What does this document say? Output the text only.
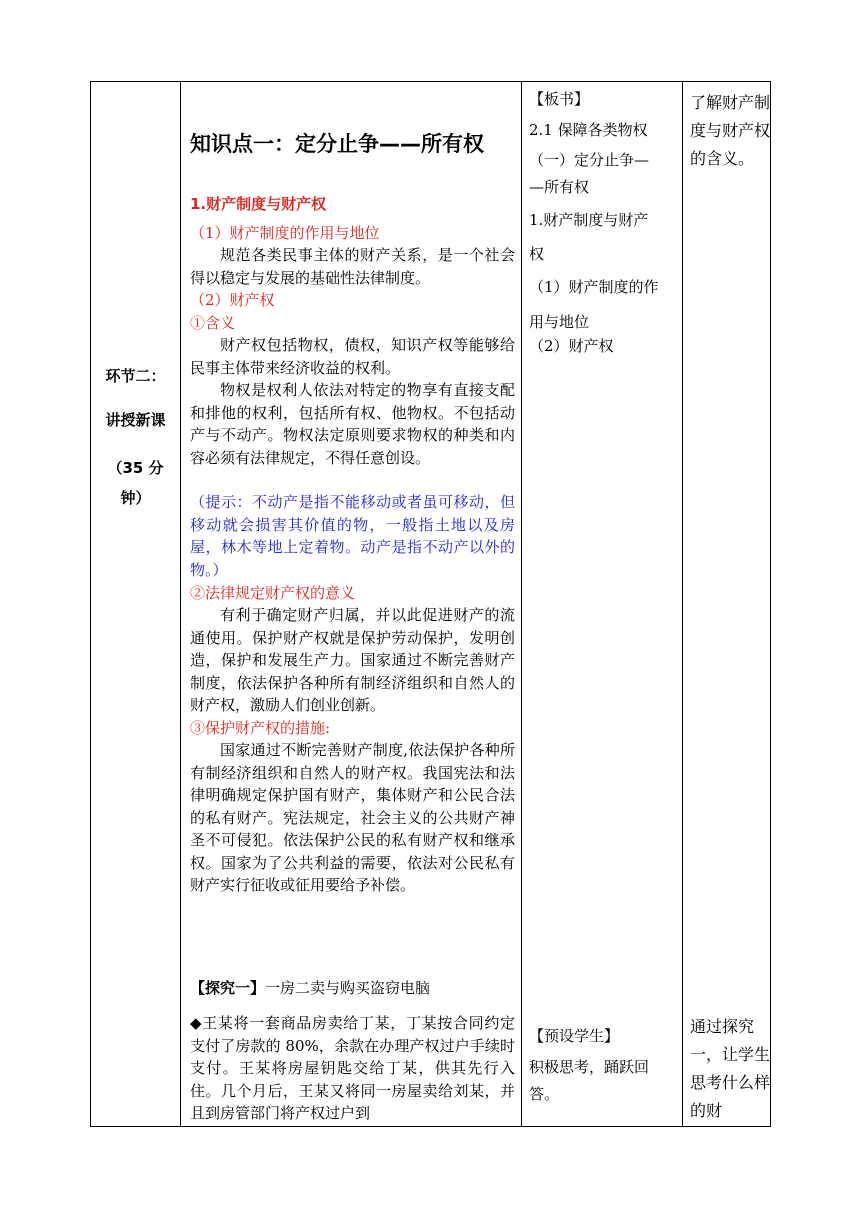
环节二：
讲授新课
（35 分
钟）
知识点一：定分止争——所有权
1.财产制度与财产权
（1）财产制度的作用与地位
规范各类民事主体的财产关系，是一个社会得以稳定与发展的基础性法律制度。
（2）财产权
①含义
财产权包括物权，债权，知识产权等能够给民事主体带来经济收益的权利。
物权是权利人依法对特定的物享有直接支配和排他的权利，包括所有权、他物权。不包括动产与不动产。物权法定原则要求物权的种类和内容必须有法律规定，不得任意创设。
（提示：不动产是指不能移动或者虽可移动，但移动就会损害其价值的物，一般指土地以及房屋，林木等地上定着物。动产是指不动产以外的物。）
②法律规定财产权的意义
有利于确定财产归属，并以此促进财产的流通使用。保护财产权就是保护劳动保护，发明创造，保护和发展生产力。国家通过不断完善财产制度，依法保护各种所有制经济组织和自然人的财产权，激励人们创业创新。
③保护财产权的措施:
国家通过不断完善财产制度,依法保护各种所有制经济组织和自然人的财产权。我国宪法和法律明确规定保护国有财产，集体财产和公民合法的私有财产。宪法规定，社会主义的公共财产神圣不可侵犯。依法保护公民的私有财产权和继承权。国家为了公共利益的需要，依法对公民私有财产实行征收或征用要给予补偿。
【探究一】一房二卖与购买盗窃电脑
◆王某将一套商品房卖给丁某，丁某按合同约定支付了房款的 80%，余款在办理产权过户手续时支付。王某将房屋钥匙交给丁某，供其先行入住。几个月后，王某又将同一房屋卖给刘某，并且到房管部门将产权过户到
【板书】
2.1 保障各类物权
（一）定分止争—
—所有权
1.财产制度与财产
权
（1）财产制度的作
用与地位
（2）财产权
【预设学生】
积极思考，踊跃回
答。
了解财产制度与财产权的含义。
通过探究一，让学生思考什么样的财
